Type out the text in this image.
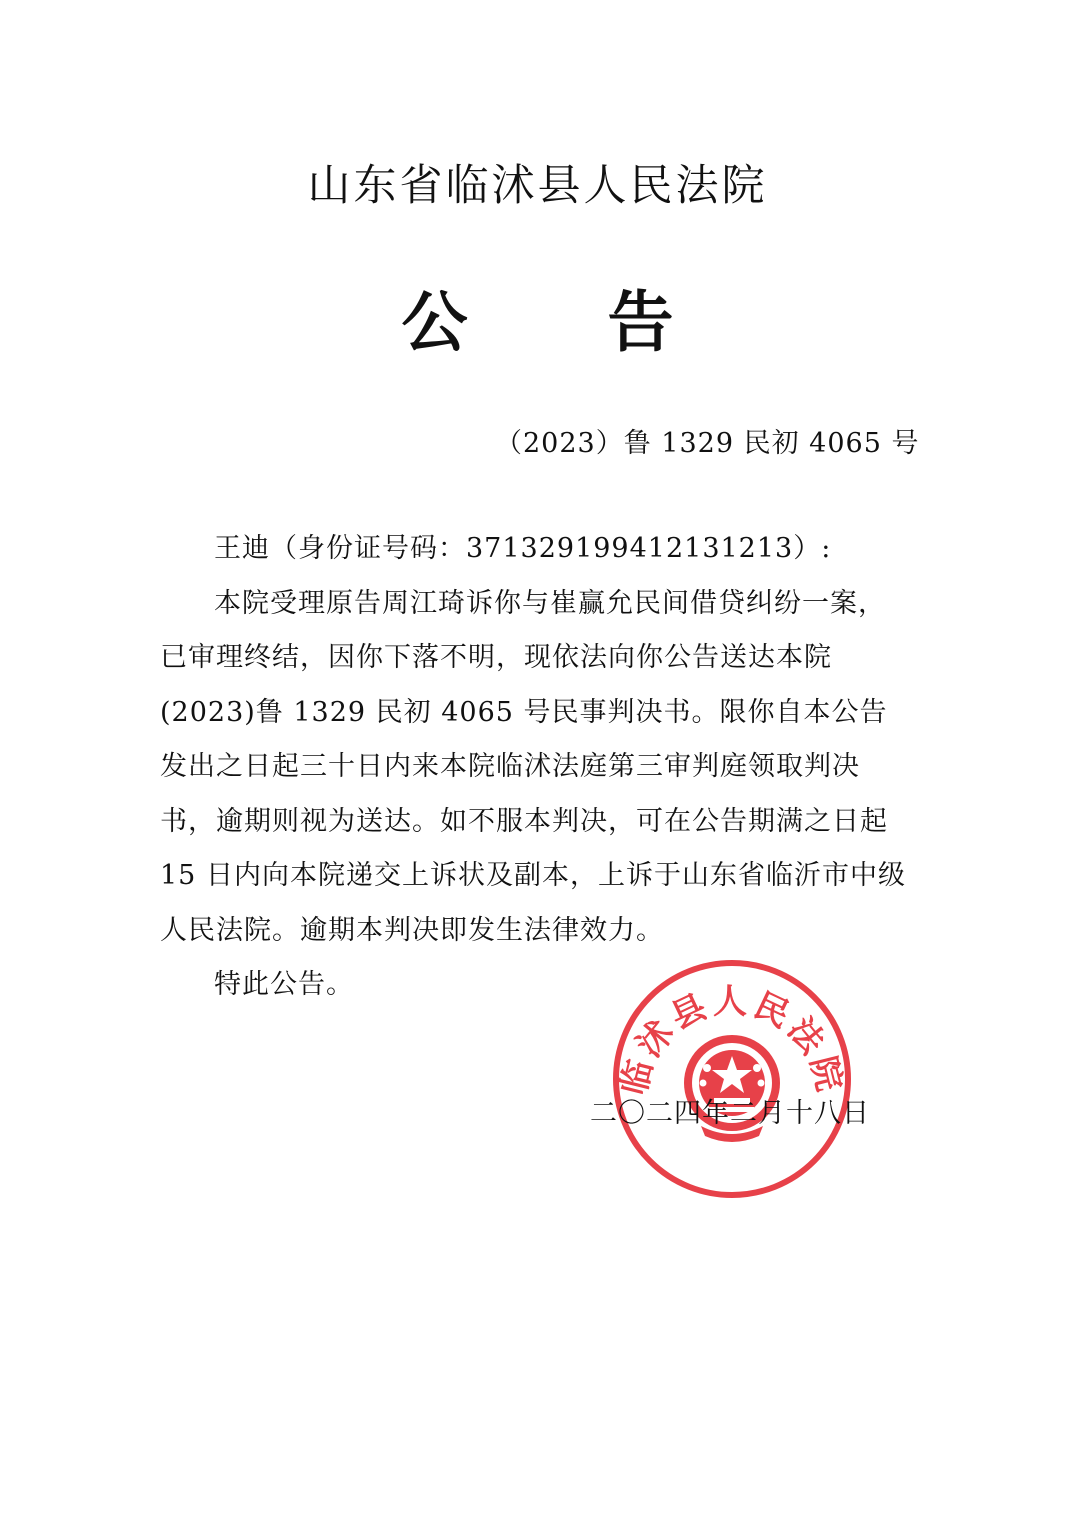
山东省临沭县人民法院
公 告
（2023）鲁 1329 民初 4065 号

王迪（身份证号码：371329199412131213）:

本院受理原告周江琦诉你与崔赢允民间借贷纠纷一案，已审理终结，因你下落不明，现依法向你公告送达本院(2023)鲁 1329 民初 4065 号民事判决书。限你自本公告发出之日起三十日内来本院临沭法庭第三审判庭领取判决书，逾期则视为送达。如不服本判决，可在公告期满之日起 15 日内向本院递交上诉状及副本，上诉于山东省临沂市中级人民法院。逾期本判决即发生法律效力。

特此公告。

临沭县人民法院
二〇二四年二月十八日
